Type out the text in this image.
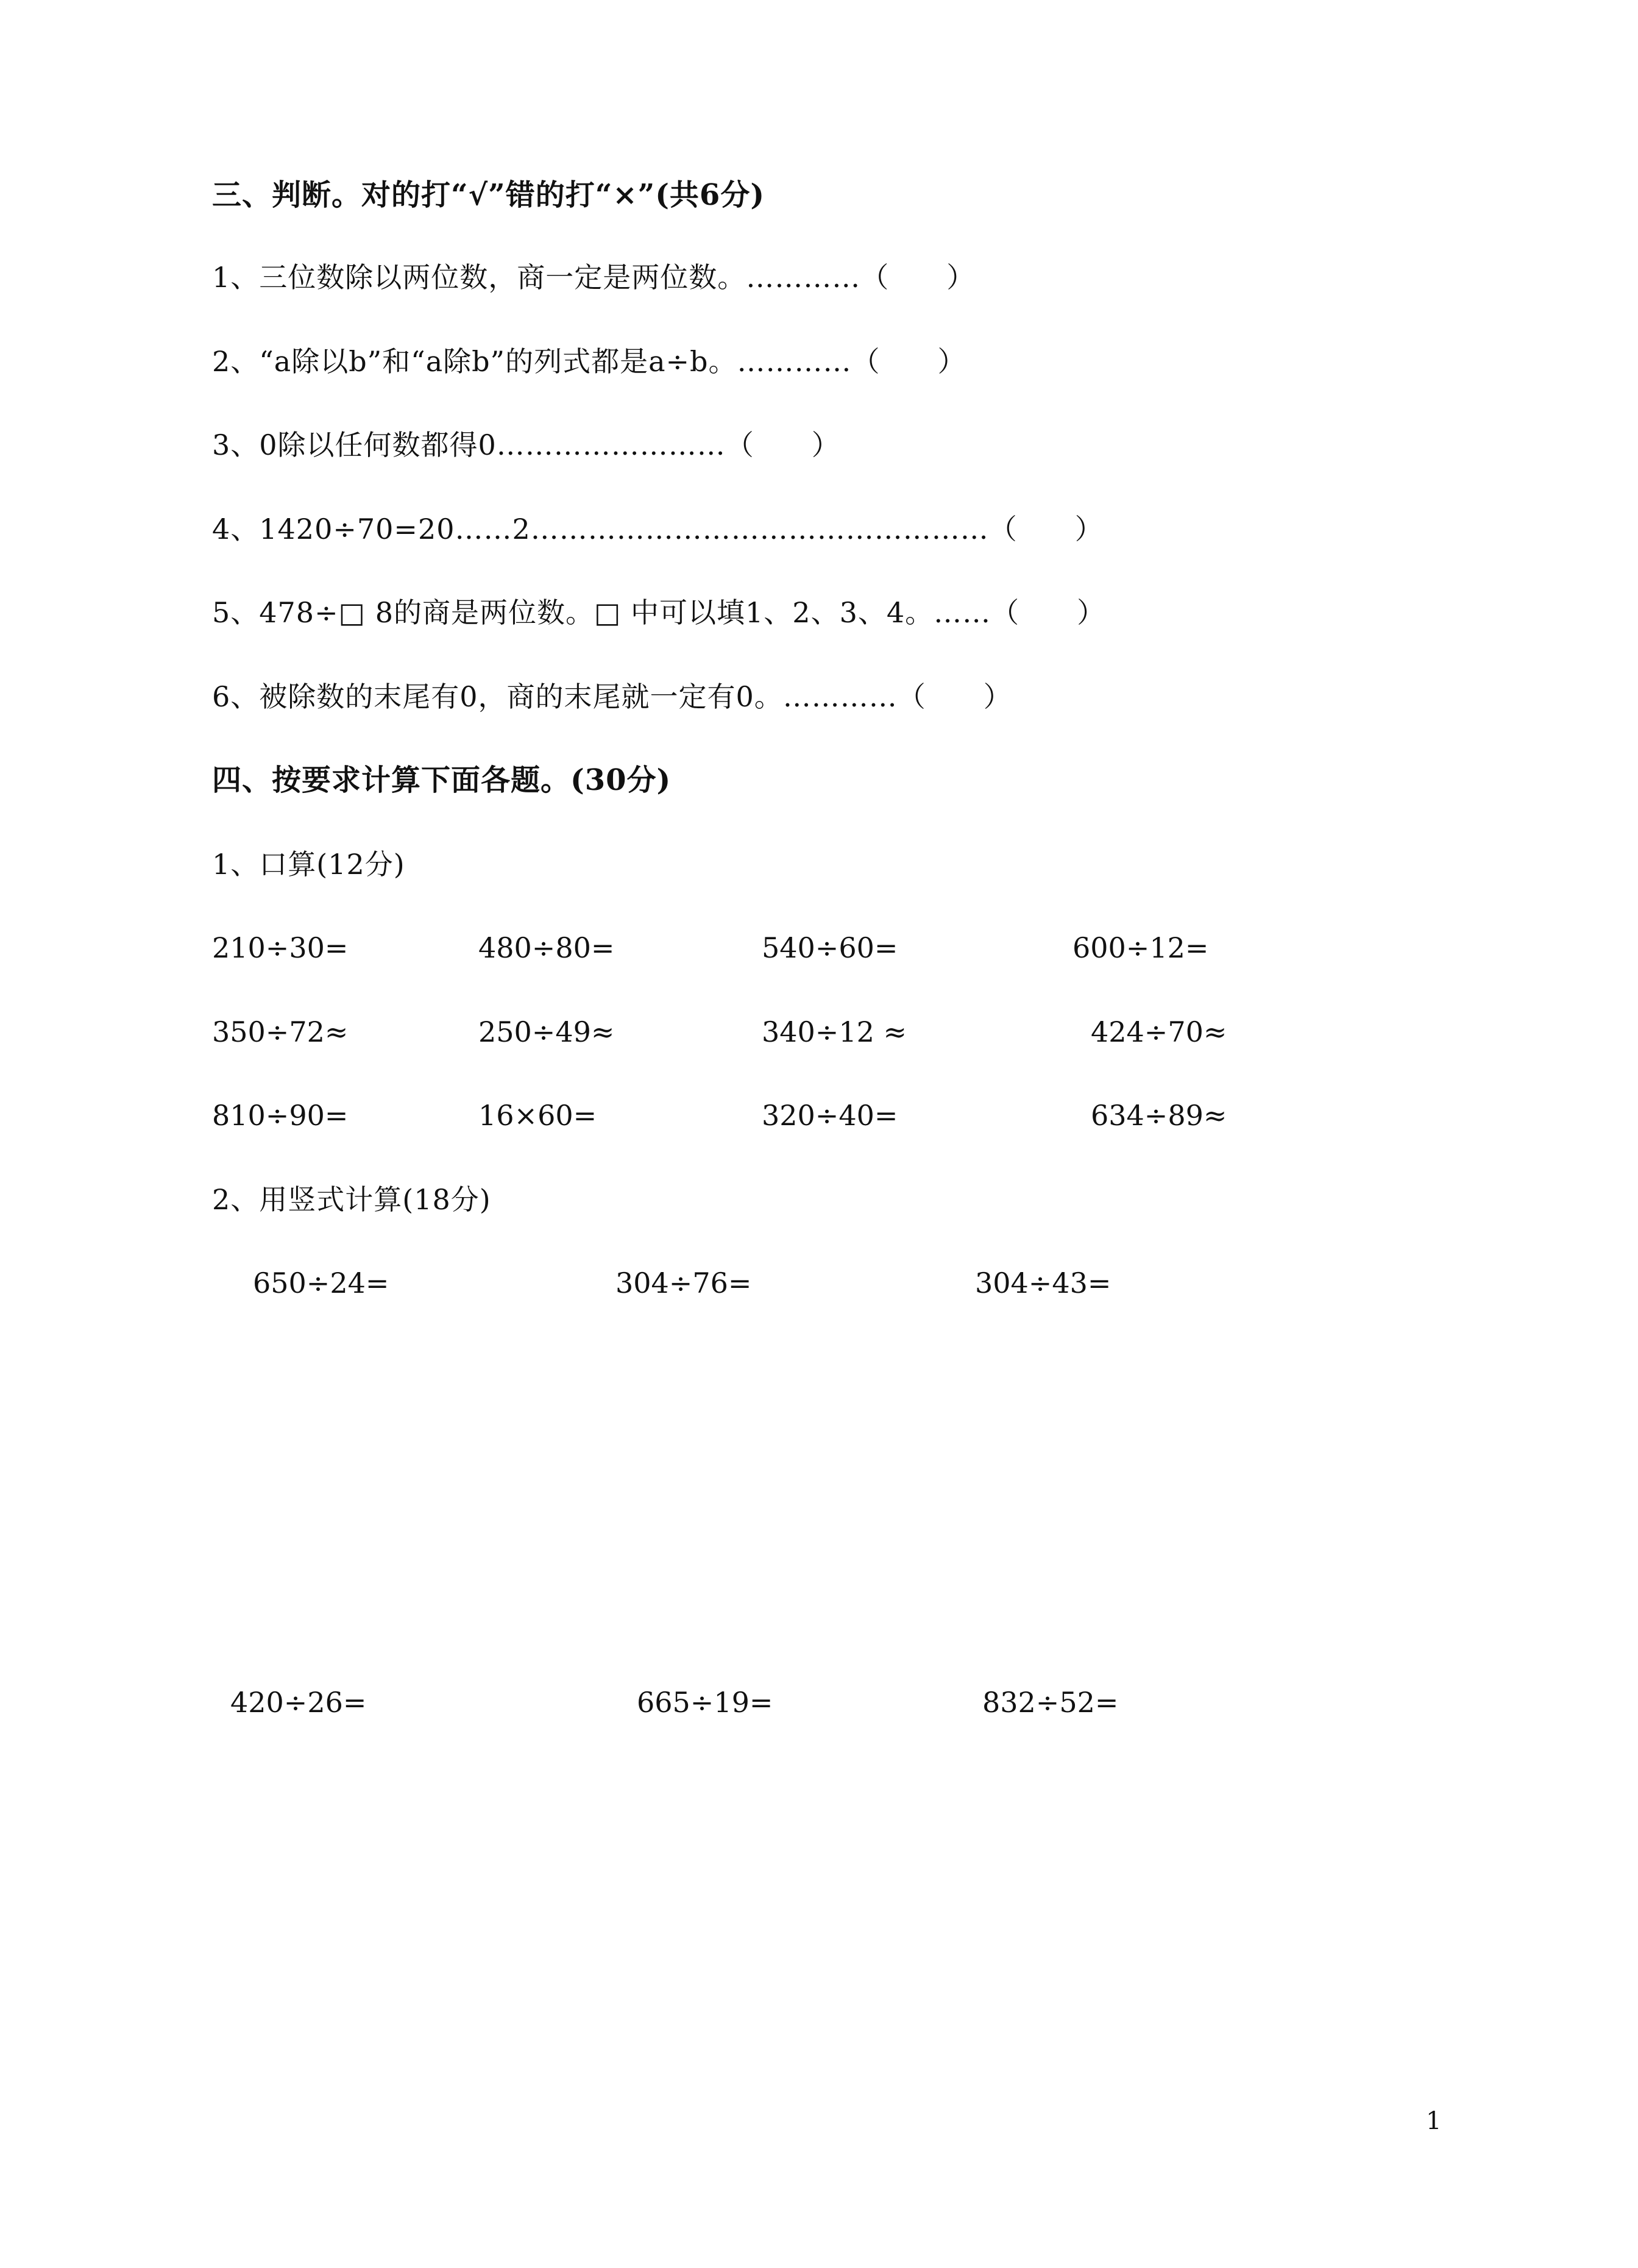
三、判断。对的打“√”错的打“×”(共6分)
1、三位数除以两位数，商一定是两位数。…………（　　）
2、“a除以b”和“a除b”的列式都是a÷b。…………（　　）
3、0除以任何数都得0……………………（　　）
4、1420÷70=20……2…………………………………………（　　）
5、478÷□ 8的商是两位数。□ 中可以填1、2、3、4。……（　　）
6、被除数的末尾有0，商的末尾就一定有0。…………（　　）
四、按要求计算下面各题。(30分)
1、口算(12分)
210÷30=	480÷80=	540÷60=	600÷12=
350÷72≈	250÷49≈	340÷12 ≈	424÷70≈
810÷90=	16×60=	320÷40=	634÷89≈
2、用竖式计算(18分)
650÷24=	304÷76=	304÷43=
420÷26=	665÷19=	832÷52=
1
